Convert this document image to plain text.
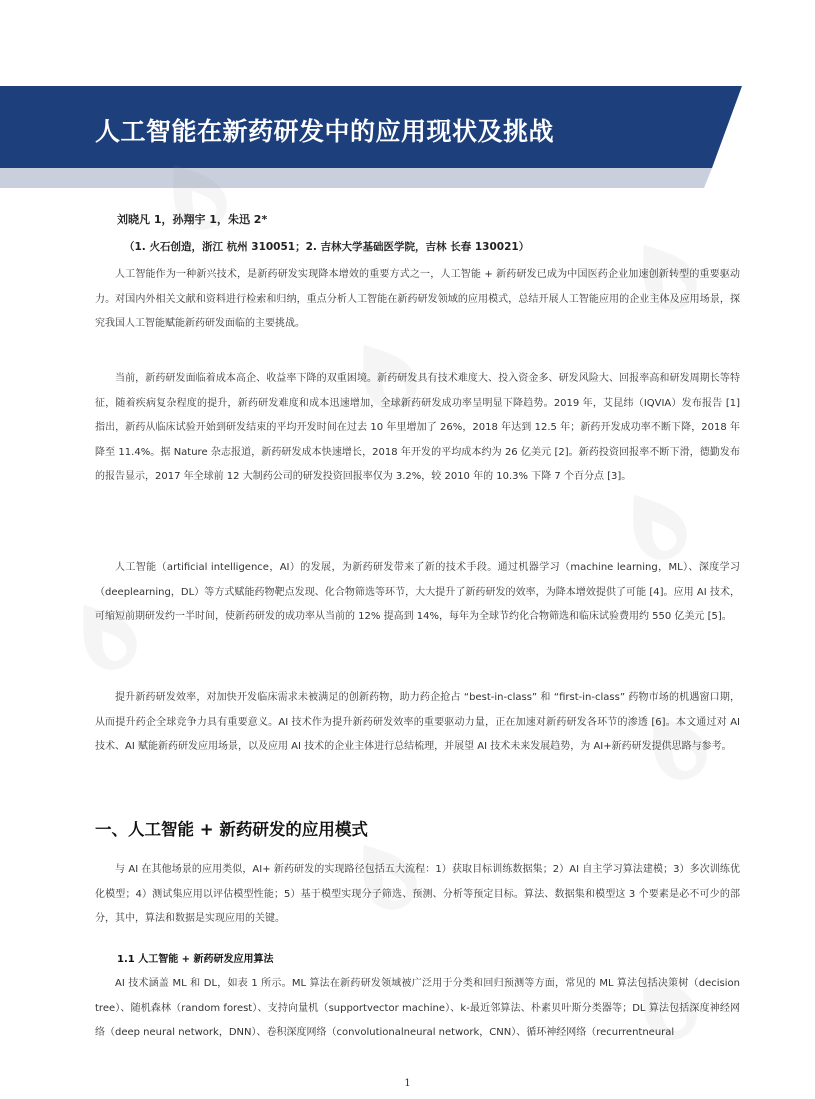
人工智能在新药研发中的应用现状及挑战

刘晓凡 1，孙翔宇 1，朱迅 2*

（1. 火石创造，浙江 杭州 310051；2. 吉林大学基础医学院，吉林 长春 130021）

人工智能作为一种新兴技术，是新药研发实现降本增效的重要方式之一，人工智能 + 新药研发已成为中国医药企业加速创新转型的重要驱动力。对国内外相关文献和资料进行检索和归纳，重点分析人工智能在新药研发领域的应用模式，总结开展人工智能应用的企业主体及应用场景，探究我国人工智能赋能新药研发面临的主要挑战。

当前，新药研发面临着成本高企、收益率下降的双重困境。新药研发具有技术难度大、投入资金多、研发风险大、回报率高和研发周期长等特征，随着疾病复杂程度的提升，新药研发难度和成本迅速增加，全球新药研发成功率呈明显下降趋势。2019 年，艾昆纬（IQVIA）发布报告 [1] 指出，新药从临床试验开始到研发结束的平均开发时间在过去 10 年里增加了 26%，2018 年达到 12.5 年；新药开发成功率不断下降，2018 年降至 11.4%。据 Nature 杂志报道，新药研发成本快速增长，2018 年开发的平均成本约为 26 亿美元 [2]。新药投资回报率不断下滑，德勤发布的报告显示，2017 年全球前 12 大制药公司的研发投资回报率仅为 3.2%，较 2010 年的 10.3% 下降 7 个百分点 [3]。

人工智能（artificial intelligence，AI）的发展，为新药研发带来了新的技术手段。通过机器学习（machine learning，ML）、深度学习（deeplearning，DL）等方式赋能药物靶点发现、化合物筛选等环节，大大提升了新药研发的效率，为降本增效提供了可能 [4]。应用 AI 技术，可缩短前期研发约一半时间，使新药研发的成功率从当前的 12% 提高到 14%，每年为全球节约化合物筛选和临床试验费用约 550 亿美元 [5]。

提升新药研发效率，对加快开发临床需求未被满足的创新药物，助力药企抢占 “best-in-class” 和 “first-in-class” 药物市场的机遇窗口期，从而提升药企全球竞争力具有重要意义。AI 技术作为提升新药研发效率的重要驱动力量，正在加速对新药研发各环节的渗透 [6]。本文通过对 AI 技术、AI 赋能新药研发应用场景，以及应用 AI 技术的企业主体进行总结梳理，并展望 AI 技术未来发展趋势，为 AI+新药研发提供思路与参考。

一、人工智能 + 新药研发的应用模式

与 AI 在其他场景的应用类似，AI+ 新药研发的实现路径包括五大流程：1）获取目标训练数据集；2）AI 自主学习算法建模；3）多次训练优化模型；4）测试集应用以评估模型性能；5）基于模型实现分子筛选、预测、分析等预定目标。算法、数据集和模型这 3 个要素是必不可少的部分，其中，算法和数据是实现应用的关键。

1.1 人工智能 + 新药研发应用算法

AI 技术涵盖 ML 和 DL，如表 1 所示。ML 算法在新药研发领域被广泛用于分类和回归预测等方面，常见的 ML 算法包括决策树（decision tree）、随机森林（random forest）、支持向量机（supportvector machine）、k-最近邻算法、朴素贝叶斯分类器等；DL 算法包括深度神经网络（deep neural network，DNN）、卷积深度网络（convolutionalneural network，CNN）、循环神经网络（recurrentneural

1
